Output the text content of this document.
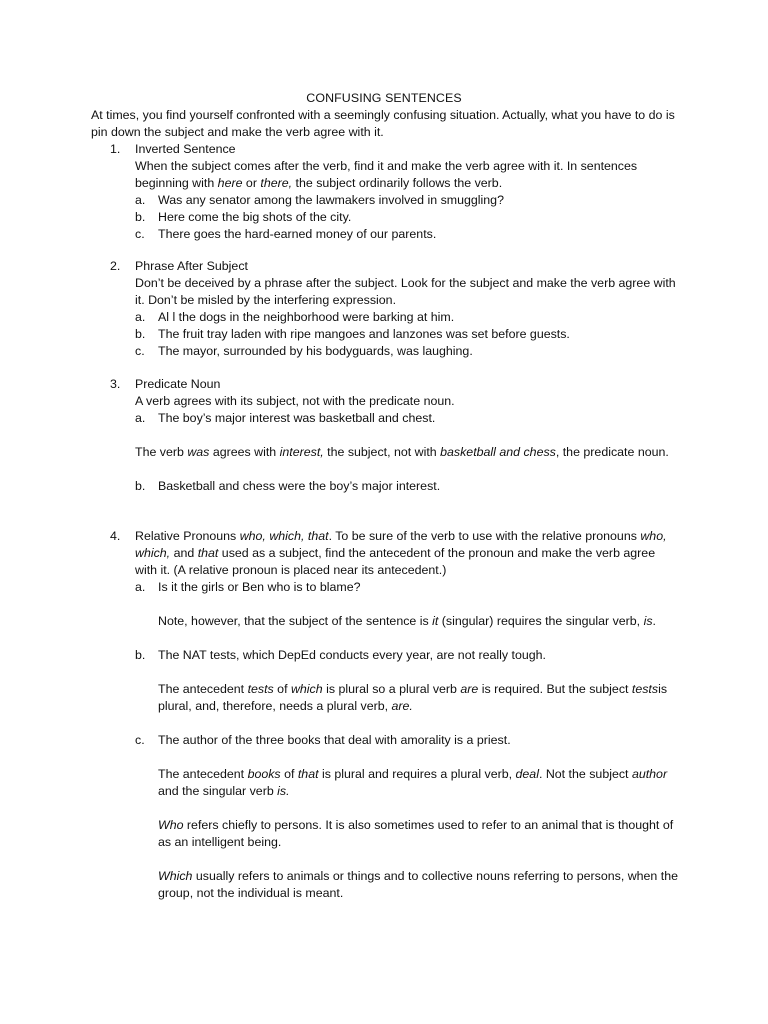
CONFUSING SENTENCES
At times, you find yourself confronted with a seemingly confusing situation. Actually, what you have to do is pin down the subject and make the verb agree with it.
1.	Inverted Sentence
When the subject comes after the verb, find it and make the verb agree with it. In sentences beginning with here or there, the subject ordinarily follows the verb.
a. Was any senator among the lawmakers involved in smuggling?
b. Here come the big shots of the city.
c. There goes the hard-earned money of our parents.
2.	Phrase After Subject
Don’t be deceived by a phrase after the subject. Look for the subject and make the verb agree with it. Don’t be misled by the interfering expression.
a. Al l the dogs in the neighborhood were barking at him.
b. The fruit tray laden with ripe mangoes and lanzones was set before guests.
c. The mayor, surrounded by his bodyguards, was laughing.
3.	Predicate Noun
A verb agrees with its subject, not with the predicate noun.
a. The boy’s major interest was basketball and chest.
The verb was agrees with interest, the subject, not with basketball and chess, the predicate noun.
b. Basketball and chess were the boy’s major interest.
4.	Relative Pronouns who, which, that. To be sure of the verb to use with the relative pronouns who, which, and that used as a subject, find the antecedent of the pronoun and make the verb agree with it. (A relative pronoun is placed near its antecedent.)
a. Is it the girls or Ben who is to blame?
Note, however, that the subject of the sentence is it (singular) requires the singular verb, is.
b. The NAT tests, which DepEd conducts every year, are not really tough.
The antecedent tests of which is plural so a plural verb are is required. But the subject testsis plural, and, therefore, needs a plural verb, are.
c. The author of the three books that deal with amorality is a priest.
The antecedent books of that is plural and requires a plural verb, deal. Not the subject author and the singular verb is.
Who refers chiefly to persons. It is also sometimes used to refer to an animal that is thought of as an intelligent being.
Which usually refers to animals or things and to collective nouns referring to persons, when the group, not the individual is meant.
